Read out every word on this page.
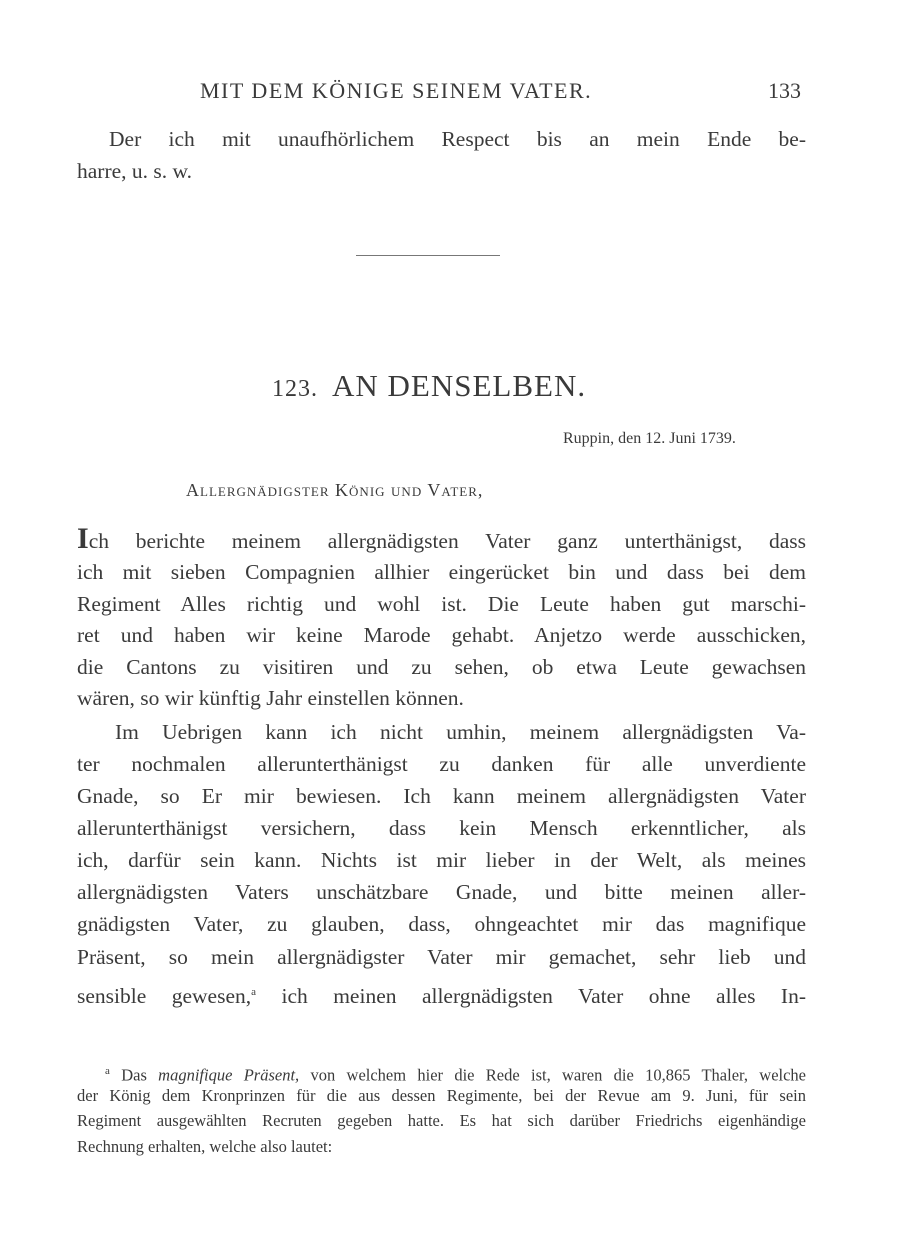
MIT DEM KÖNIGE SEINEM VATER.	133
Der ich mit unaufhörlichem Respect bis an mein Ende be-
harre, u. s. w.
123. AN DENSELBEN.
Ruppin, den 12. Juni 1739.
Allergnädigster König und Vater,
Ich berichte meinem allergnädigsten Vater ganz unterthänigst, dass
ich mit sieben Compagnien allhier eingerücket bin und dass bei dem
Regiment Alles richtig und wohl ist. Die Leute haben gut marschi-
ret und haben wir keine Marode gehabt. Anjetzo werde ausschicken,
die Cantons zu visitiren und zu sehen, ob etwa Leute gewachsen
wären, so wir künftig Jahr einstellen können.
Im Uebrigen kann ich nicht umhin, meinem allergnädigsten Va-
ter nochmalen allerunterthänigst zu danken für alle unverdiente
Gnade, so Er mir bewiesen. Ich kann meinem allergnädigsten Vater
allerunterthänigst versichern, dass kein Mensch erkenntlicher, als
ich, darfür sein kann. Nichts ist mir lieber in der Welt, als meines
allergnädigsten Vaters unschätzbare Gnade, und bitte meinen aller-
gnädigsten Vater, zu glauben, dass, ohngeachtet mir das magnifique
Präsent, so mein allergnädigster Vater mir gemachet, sehr lieb und
sensible gewesen,$^a$ ich meinen allergnädigsten Vater ohne alles In-
$^a$ Das magnifique Präsent, von welchem hier die Rede ist, waren die 10,865 Thaler, welche
der König dem Kronprinzen für die aus dessen Regimente, bei der Revue am 9. Juni, für sein
Regiment ausgewählten Recruten gegeben hatte. Es hat sich darüber Friedrichs eigenhändige
Rechnung erhalten, welche also lautet:
